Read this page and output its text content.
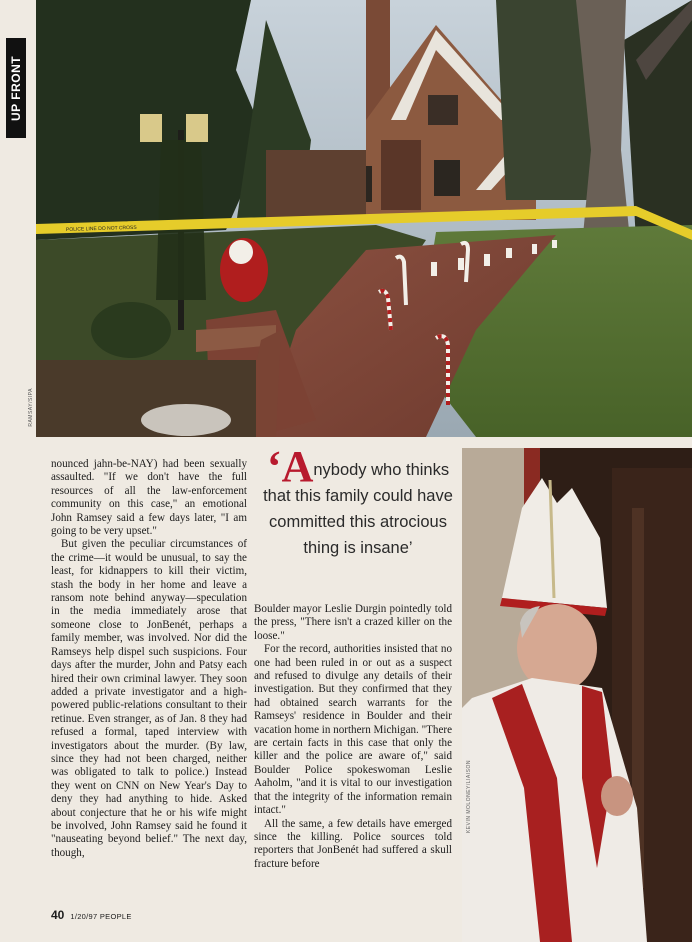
UP FRONT
POLICE LINE DO NOT CROSS
RAMSAY/SIPA

nounced jahn-be-NAY) had been sexually assaulted. "If we don't have the full resources of all the law-enforcement community on this case," an emotional John Ramsey said a few days later, "I am going to be very upset."

But given the peculiar circumstances of the crime—it would be unusual, to say the least, for kidnappers to kill their victim, stash the body in her home and leave a ransom note behind anyway—speculation in the media immediately arose that someone close to JonBenét, perhaps a family member, was involved. Nor did the Ramseys help dispel such suspicions. Four days after the murder, John and Patsy each hired their own criminal lawyer. They soon added a private investigator and a high-powered public-relations consultant to their retinue. Even stranger, as of Jan. 8 they had refused a formal, taped interview with investigators about the murder. (By law, since they had not been charged, neither was obligated to talk to police.) Instead they went on CNN on New Year's Day to deny they had anything to hide. Asked about conjecture that he or his wife might be involved, John Ramsey said he found it "nauseating beyond belief." The next day, though,

‘Anybody who thinks that this family could have committed this atrocious thing is insane’

Boulder mayor Leslie Durgin pointedly told the press, "There isn't a crazed killer on the loose."

For the record, authorities insisted that no one had been ruled in or out as a suspect and refused to divulge any details of their investigation. But they confirmed that they had obtained search warrants for the Ramseys' residence in Boulder and their vacation home in northern Michigan. "There are certain facts in this case that only the killer and the police are aware of," said Boulder Police spokeswoman Leslie Aaholm, "and it is vital to our investigation that the integrity of the information remain intact."

All the same, a few details have emerged since the killing. Police sources told reporters that JonBenét had suffered a skull fracture before

KEVIN MOLONEY/LIAISON
40 1/20/97 PEOPLE
